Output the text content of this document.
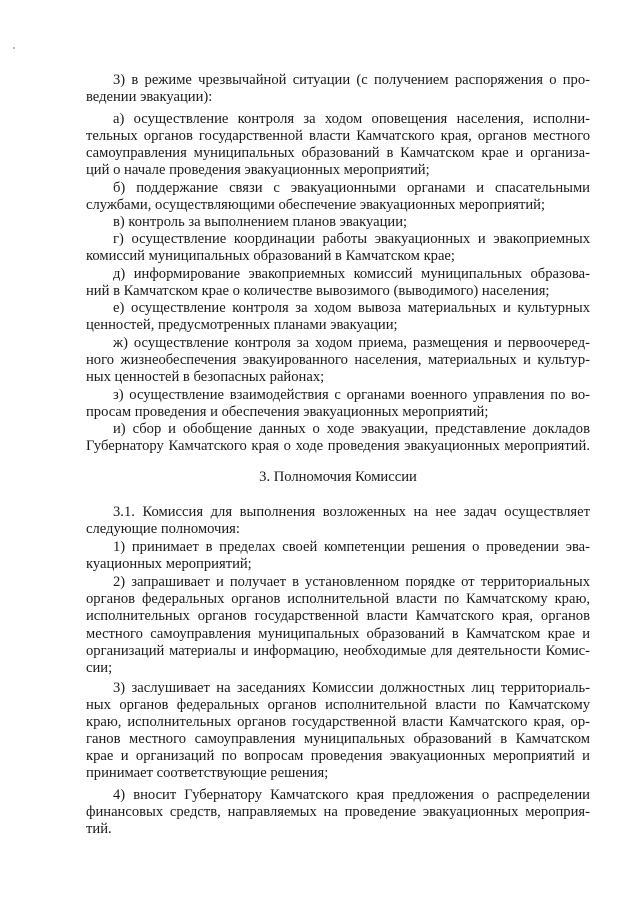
3) в режиме чрезвычайной ситуации (с получением распоряжения о про-
ведении эвакуации):
а) осуществление контроля за ходом оповещения населения, исполни-
тельных органов государственной власти Камчатского края, органов местного
самоуправления муниципальных образований в Камчатском крае и организа-
ций о начале проведения эвакуационных мероприятий;
б) поддержание связи с эвакуационными органами и спасательными
службами, осуществляющими обеспечение эвакуационных мероприятий;
в) контроль за выполнением планов эвакуации;
г) осуществление координации работы эвакуационных и эвакоприемных
комиссий муниципальных образований в Камчатском крае;
д) информирование эвакоприемных комиссий муниципальных образова-
ний в Камчатском крае о количестве вывозимого (выводимого) населения;
е) осуществление контроля за ходом вывоза материальных и культурных
ценностей, предусмотренных планами эвакуации;
ж) осуществление контроля за ходом приема, размещения и первоочеред-
ного жизнеобеспечения эвакуированного населения, материальных и культур-
ных ценностей в безопасных районах;
з) осуществление взаимодействия с органами военного управления по во-
просам проведения и обеспечения эвакуационных мероприятий;
и) сбор и обобщение данных о ходе эвакуации, представление докладов
Губернатору Камчатского края о ходе проведения эвакуационных мероприятий.
3. Полномочия Комиссии
3.1. Комиссия для выполнения возложенных на нее задач осуществляет
следующие полномочия:
1) принимает в пределах своей компетенции решения о проведении эва-
куационных мероприятий;
2) запрашивает и получает в установленном порядке от территориальных
органов федеральных органов исполнительной власти по Камчатскому краю,
исполнительных органов государственной власти Камчатского края, органов
местного самоуправления муниципальных образований в Камчатском крае и
организаций материалы и информацию, необходимые для деятельности Комис-
сии;
3) заслушивает на заседаниях Комиссии должностных лиц территориаль-
ных органов федеральных органов исполнительной власти по Камчатскому
краю, исполнительных органов государственной власти Камчатского края, ор-
ганов местного самоуправления муниципальных образований в Камчатском
крае и организаций по вопросам проведения эвакуационных мероприятий и
принимает соответствующие решения;
4) вносит Губернатору Камчатского края предложения о распределении
финансовых средств, направляемых на проведение эвакуационных мероприя-
тий.
